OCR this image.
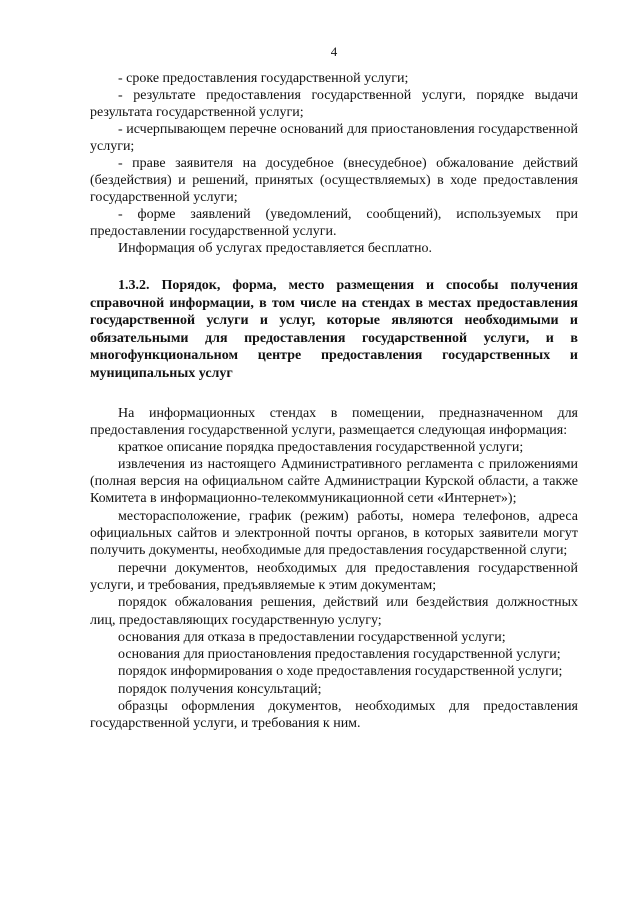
4

- сроке предоставления государственной услуги;

- результате предоставления государственной услуги, порядке выдачи результата государственной услуги;

- исчерпывающем перечне оснований для приостановления государственной услуги;

- праве заявителя на досудебное (внесудебное) обжалование действий (бездействия) и решений, принятых (осуществляемых) в ходе предоставления государственной услуги;

- форме заявлений (уведомлений, сообщений), используемых при предоставлении государственной услуги.

Информация об услугах предоставляется бесплатно.

1.3.2. Порядок, форма, место размещения и способы получения справочной информации, в том числе на стендах в местах предоставления государственной услуги и услуг, которые являются необходимыми и обязательными для предоставления государственной услуги, и в многофункциональном центре предоставления государственных и муниципальных услуг

На информационных стендах в помещении, предназначенном для предоставления государственной услуги, размещается следующая информация:

краткое описание порядка предоставления государственной услуги;

извлечения из настоящего Административного регламента с приложениями (полная версия на официальном сайте Администрации Курской области, а также Комитета в информационно-телекоммуникационной сети «Интернет»);

месторасположение, график (режим) работы, номера телефонов, адреса официальных сайтов и электронной почты органов, в которых заявители могут получить документы, необходимые для предоставления государственной слуги;

перечни документов, необходимых для предоставления государственной услуги, и требования, предъявляемые к этим документам;

порядок обжалования решения, действий или бездействия должностных лиц, предоставляющих государственную услугу;

основания для отказа в предоставлении государственной услуги;

основания для приостановления предоставления государственной услуги;

порядок информирования о ходе предоставления государственной услуги;

порядок получения консультаций;

образцы оформления документов, необходимых для предоставления государственной услуги, и требования к ним.
